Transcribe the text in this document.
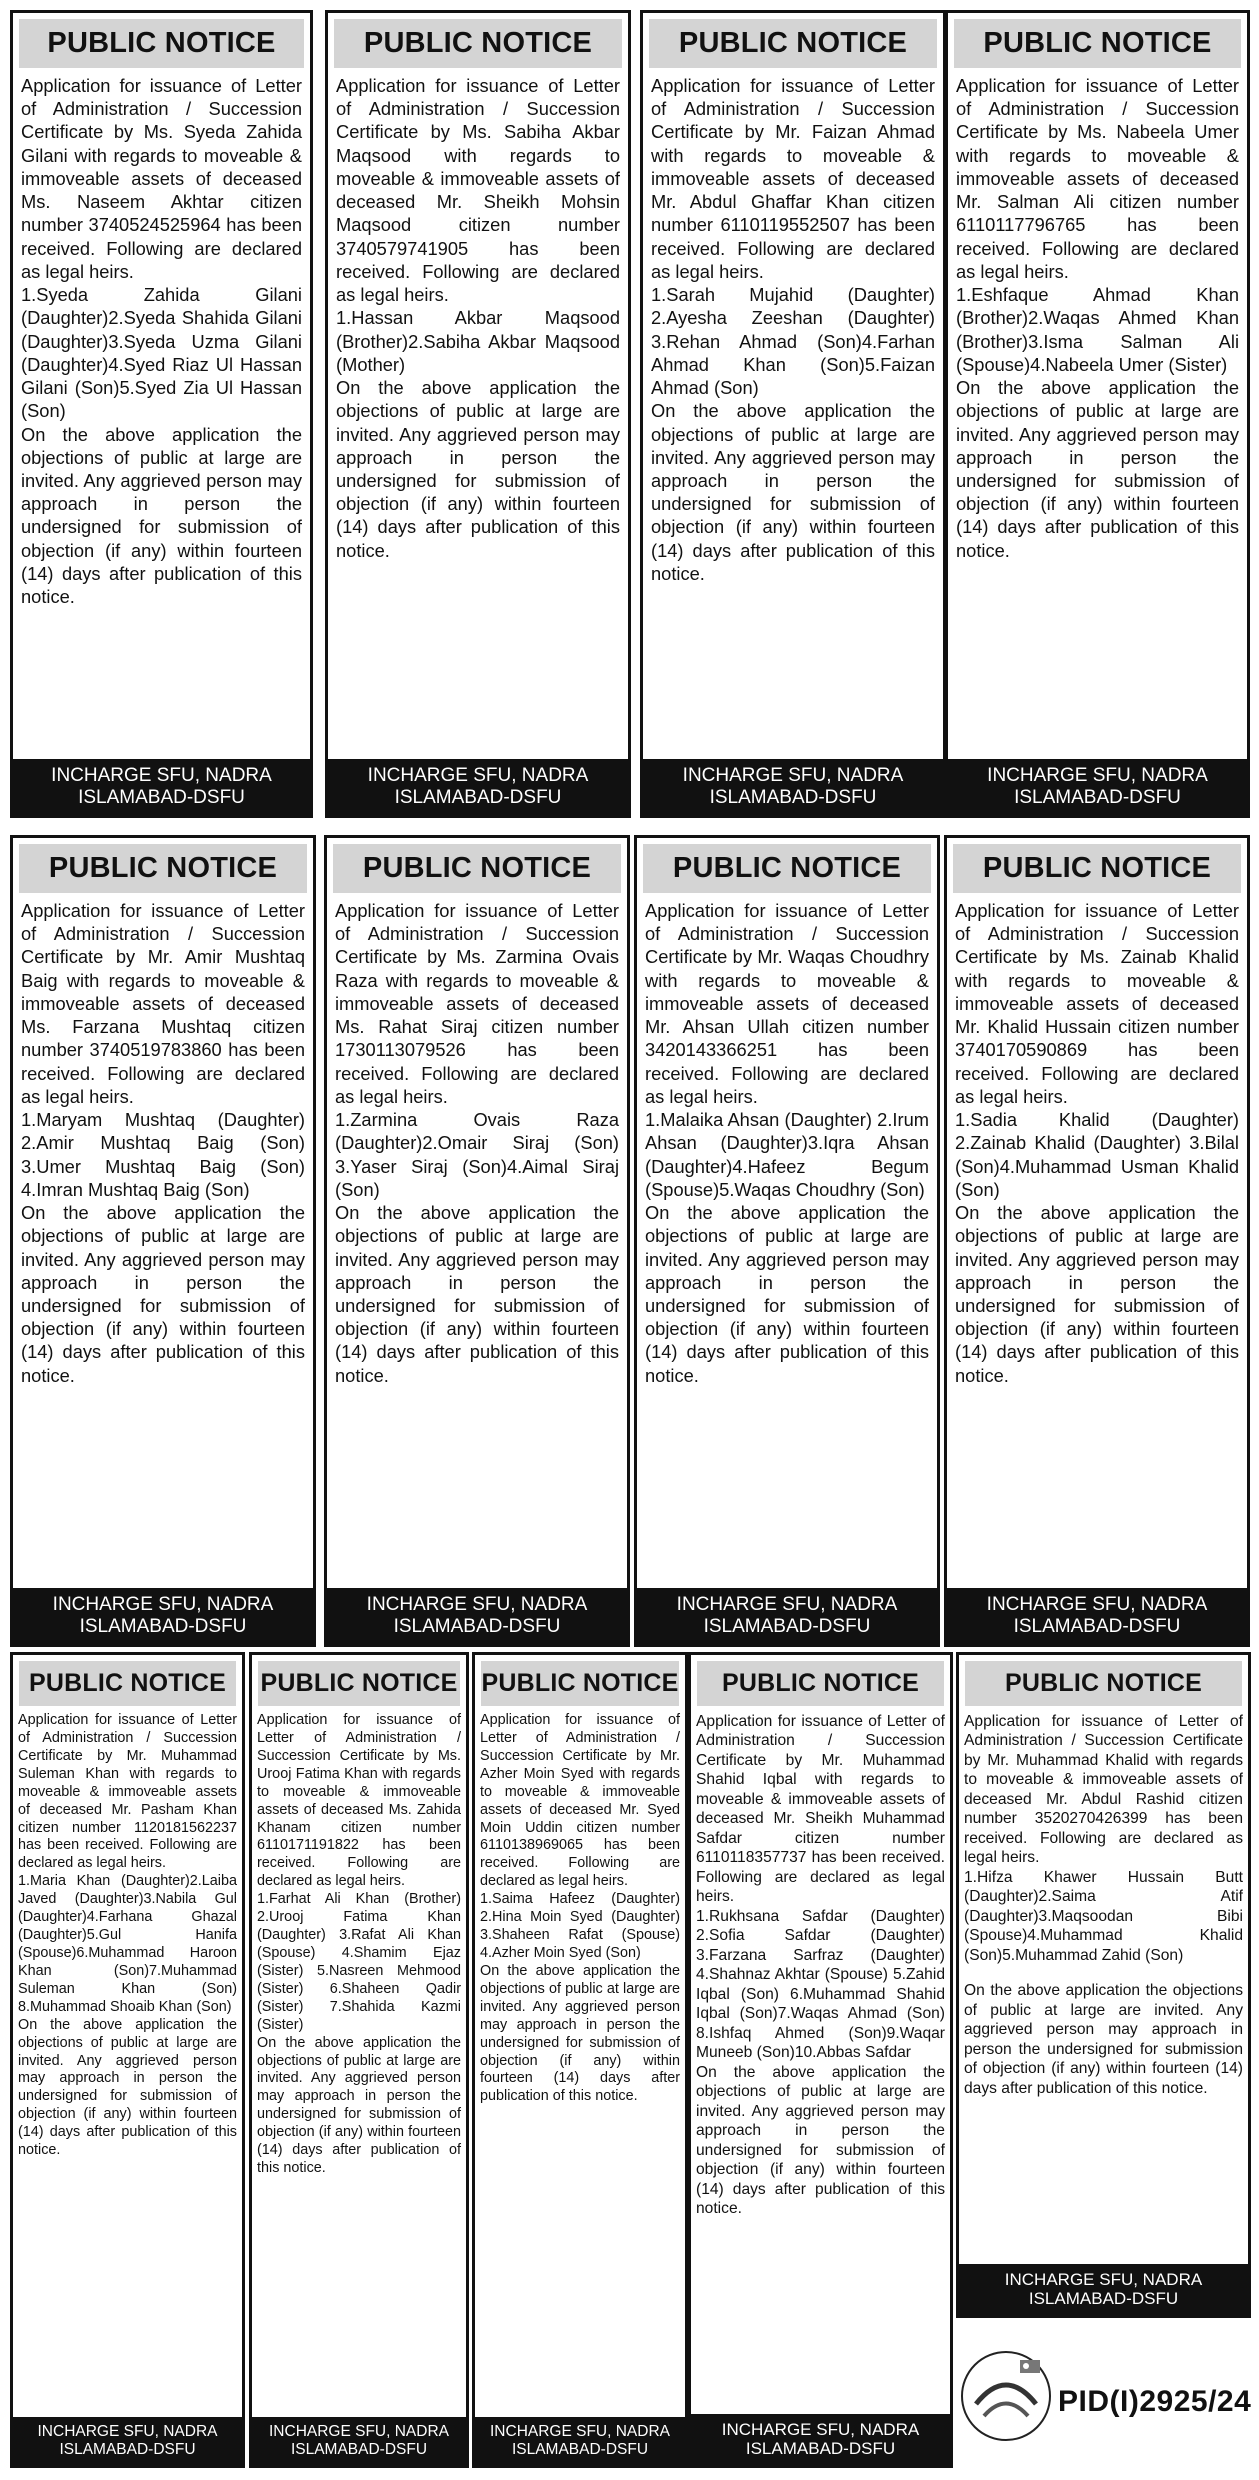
PUBLIC NOTICE

Application for issuance of Letter of Administration / Succession Certificate by Ms. Syeda Zahida Gilani with regards to moveable & immoveable assets of deceased Ms. Naseem Akhtar citizen number 3740524525964 has been received. Following are declared as legal heirs.

1.Syeda Zahida Gilani (Daughter)2.Syeda Shahida Gilani (Daughter)3.Syeda Uzma Gilani (Daughter)4.Syed Riaz Ul Hassan Gilani (Son)5.Syed Zia Ul Hassan (Son)

On the above application the objections of public at large are invited. Any aggrieved person may approach in person the undersigned for submission of objection (if any) within fourteen (14) days after publication of this notice.

INCHARGE SFU, NADRA ISLAMABAD-DSFU
PUBLIC NOTICE

Application for issuance of Letter of Administration / Succession Certificate by Ms. Sabiha Akbar Maqsood with regards to moveable & immoveable assets of deceased Mr. Sheikh Mohsin Maqsood citizen number 3740579741905 has been received. Following are declared as legal heirs.

1.Hassan Akbar Maqsood (Brother)2.Sabiha Akbar Maqsood (Mother)

On the above application the objections of public at large are invited. Any aggrieved person may approach in person the undersigned for submission of objection (if any) within fourteen (14) days after publication of this notice.

INCHARGE SFU, NADRA ISLAMABAD-DSFU
PUBLIC NOTICE

Application for issuance of Letter of Administration / Succession Certificate by Mr. Faizan Ahmad with regards to moveable & immoveable assets of deceased Mr. Abdul Ghaffar Khan citizen number 6110119552507 has been received. Following are declared as legal heirs.

1.Sarah Mujahid (Daughter) 2.Ayesha Zeeshan (Daughter) 3.Rehan Ahmad (Son)4.Farhan Ahmad Khan (Son)5.Faizan Ahmad (Son)

On the above application the objections of public at large are invited. Any aggrieved person may approach in person the undersigned for submission of objection (if any) within fourteen (14) days after publication of this notice.

INCHARGE SFU, NADRA ISLAMABAD-DSFU
PUBLIC NOTICE

Application for issuance of Letter of Administration / Succession Certificate by Ms. Nabeela Umer with regards to moveable & immoveable assets of deceased Mr. Salman Ali citizen number 6110117796765 has been received. Following are declared as legal heirs.

1.Eshfaque Ahmad Khan (Brother)2.Waqas Ahmed Khan (Brother)3.Isma Salman Ali (Spouse)4.Nabeela Umer (Sister)

On the above application the objections of public at large are invited. Any aggrieved person may approach in person the undersigned for submission of objection (if any) within fourteen (14) days after publication of this notice.

INCHARGE SFU, NADRA ISLAMABAD-DSFU
PUBLIC NOTICE

Application for issuance of Letter of Administration / Succession Certificate by Mr. Amir Mushtaq Baig with regards to moveable & immoveable assets of deceased Ms. Farzana Mushtaq citizen number 3740519783860 has been received. Following are declared as legal heirs.

1.Maryam Mushtaq (Daughter) 2.Amir Mushtaq Baig (Son) 3.Umer Mushtaq Baig (Son) 4.Imran Mushtaq Baig (Son)

On the above application the objections of public at large are invited. Any aggrieved person may approach in person the undersigned for submission of objection (if any) within fourteen (14) days after publication of this notice.

INCHARGE SFU, NADRA ISLAMABAD-DSFU
PUBLIC NOTICE

Application for issuance of Letter of Administration / Succession Certificate by Ms. Zarmina Ovais Raza with regards to moveable & immoveable assets of deceased Ms. Rahat Siraj citizen number 1730113079526 has been received. Following are declared as legal heirs.

1.Zarmina Ovais Raza (Daughter)2.Omair Siraj (Son) 3.Yaser Siraj (Son)4.Aimal Siraj (Son)

On the above application the objections of public at large are invited. Any aggrieved person may approach in person the undersigned for submission of objection (if any) within fourteen (14) days after publication of this notice.

INCHARGE SFU, NADRA ISLAMABAD-DSFU
PUBLIC NOTICE

Application for issuance of Letter of Administration / Succession Certificate by Mr. Waqas Choudhry with regards to moveable & immoveable assets of deceased Mr. Ahsan Ullah citizen number 3420143366251 has been received. Following are declared as legal heirs.

1.Malaika Ahsan (Daughter) 2.Irum Ahsan (Daughter)3.Iqra Ahsan (Daughter)4.Hafeez Begum (Spouse)5.Waqas Choudhry (Son)

On the above application the objections of public at large are invited. Any aggrieved person may approach in person the undersigned for submission of objection (if any) within fourteen (14) days after publication of this notice.

INCHARGE SFU, NADRA ISLAMABAD-DSFU
PUBLIC NOTICE

Application for issuance of Letter of Administration / Succession Certificate by Ms. Zainab Khalid with regards to moveable & immoveable assets of deceased Mr. Khalid Hussain citizen number 3740170590869 has been received. Following are declared as legal heirs.

1.Sadia Khalid (Daughter) 2.Zainab Khalid (Daughter) 3.Bilal (Son)4.Muhammad Usman Khalid (Son)

On the above application the objections of public at large are invited. Any aggrieved person may approach in person the undersigned for submission of objection (if any) within fourteen (14) days after publication of this notice.

INCHARGE SFU, NADRA ISLAMABAD-DSFU
PUBLIC NOTICE

Application for issuance of Letter of Administration / Succession Certificate by Mr. Muhammad Suleman Khan with regards to moveable & immoveable assets of deceased Mr. Pasham Khan citizen number 1120181562237 has been received. Following are declared as legal heirs.

1.Maria Khan (Daughter)2.Laiba Javed (Daughter)3.Nabila Gul (Daughter)4.Farhana Ghazal (Daughter)5.Gul Hanifa (Spouse)6.Muhammad Haroon Khan (Son)7.Muhammad Suleman Khan (Son) 8.Muhammad Shoaib Khan (Son)

On the above application the objections of public at large are invited. Any aggrieved person may approach in person the undersigned for submission of objection (if any) within fourteen (14) days after publication of this notice.

INCHARGE SFU, NADRA ISLAMABAD-DSFU
PUBLIC NOTICE

Application for issuance of Letter of Administration / Succession Certificate by Ms. Urooj Fatima Khan with regards to moveable & immoveable assets of deceased Ms. Zahida Khanam citizen number 6110171191822 has been received. Following are declared as legal heirs.

1.Farhat Ali Khan (Brother) 2.Urooj Fatima Khan (Daughter) 3.Rafat Ali Khan (Spouse) 4.Shamim Ejaz (Sister) 5.Nasreen Mehmood (Sister) 6.Shaheen Qadir (Sister) 7.Shahida Kazmi (Sister)

On the above application the objections of public at large are invited. Any aggrieved person may approach in person the undersigned for submission of objection (if any) within fourteen (14) days after publication of this notice.

INCHARGE SFU, NADRA ISLAMABAD-DSFU
PUBLIC NOTICE

Application for issuance of Letter of Administration / Succession Certificate by Mr. Azher Moin Syed with regards to moveable & immoveable assets of deceased Mr. Syed Moin Uddin citizen number 6110138969065 has been received. Following are declared as legal heirs.

1.Saima Hafeez (Daughter) 2.Hina Moin Syed (Daughter) 3.Shaheen Rafat (Spouse) 4.Azher Moin Syed (Son)

On the above application the objections of public at large are invited. Any aggrieved person may approach in person the undersigned for submission of objection (if any) within fourteen (14) days after publication of this notice.

INCHARGE SFU, NADRA ISLAMABAD-DSFU
PUBLIC NOTICE

Application for issuance of Letter of Administration / Succession Certificate by Mr. Muhammad Shahid Iqbal with regards to moveable & immoveable assets of deceased Mr. Sheikh Muhammad Safdar citizen number 6110118357737 has been received. Following are declared as legal heirs.

1.Rukhsana Safdar (Daughter) 2.Sofia Safdar (Daughter) 3.Farzana Sarfraz (Daughter) 4.Shahnaz Akhtar (Spouse) 5.Zahid Iqbal (Son) 6.Muhammad Shahid Iqbal (Son)7.Waqas Ahmad (Son) 8.Ishfaq Ahmed (Son)9.Waqar Muneeb (Son)10.Abbas Safdar

On the above application the objections of public at large are invited. Any aggrieved person may approach in person the undersigned for submission of objection (if any) within fourteen (14) days after publication of this notice.

INCHARGE SFU, NADRA ISLAMABAD-DSFU
PUBLIC NOTICE

Application for issuance of Letter of Administration / Succession Certificate by Mr. Muhammad Khalid with regards to moveable & immoveable assets of deceased Mr. Abdul Rashid citizen number 3520270426399 has been received. Following are declared as legal heirs.

1.Hifza Khawer Hussain Butt (Daughter)2.Saima Atif (Daughter)3.Maqsoodan Bibi (Spouse)4.Muhammad Khalid (Son)5.Muhammad Zahid (Son)

On the above application the objections of public at large are invited. Any aggrieved person may approach in person the undersigned for submission of objection (if any) within fourteen (14) days after publication of this notice.

INCHARGE SFU, NADRA ISLAMABAD-DSFU
PID(I)2925/24
